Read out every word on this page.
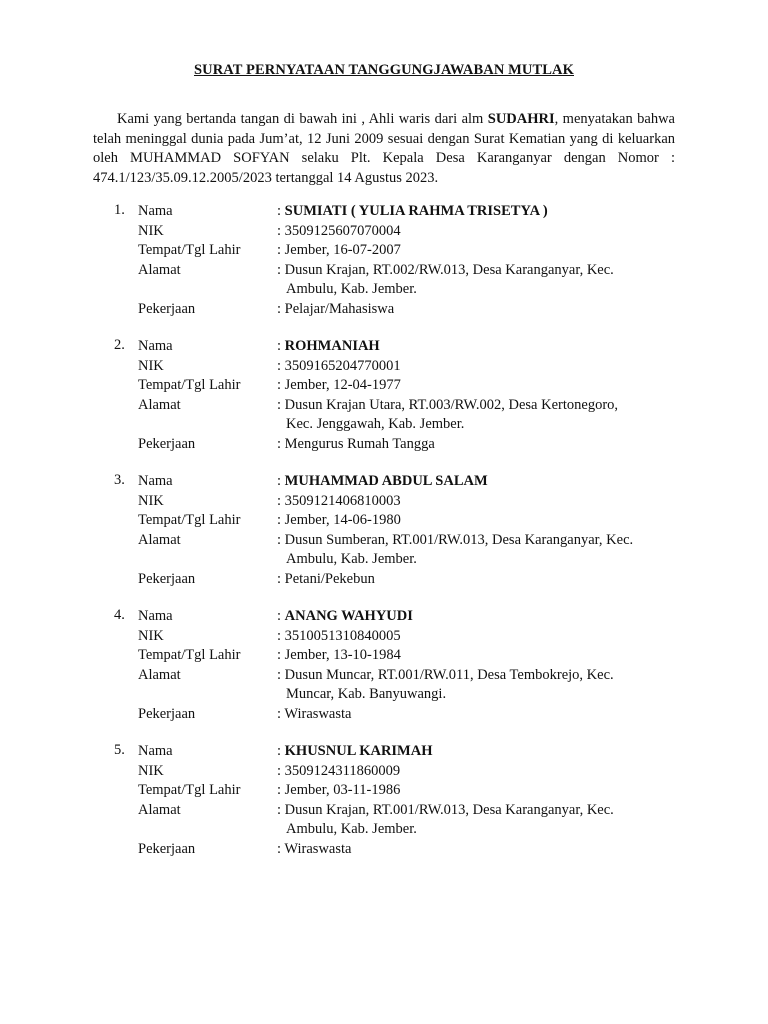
SURAT PERNYATAAN TANGGUNGJAWABAN MUTLAK

Kami yang bertanda tangan di bawah ini , Ahli waris dari alm SUDAHRI, menyatakan bahwa telah meninggal dunia pada Jum’at, 12 Juni 2009 sesuai dengan Surat Kematian yang di keluarkan oleh MUHAMMAD SOFYAN selaku Plt. Kepala Desa Karanganyar dengan Nomor : 474.1/123/35.09.12.2005/2023 tertanggal 14 Agustus 2023.

1. Nama	: SUMIATI ( YULIA RAHMA TRISETYA )
NIK	: 3509125607070004
Tempat/Tgl Lahir	: Jember, 16-07-2007
Alamat	: Dusun Krajan, RT.002/RW.013, Desa Karanganyar, Kec.
Ambulu, Kab. Jember.
Pekerjaan	: Pelajar/Mahasiswa
2. Nama	: ROHMANIAH
NIK	: 3509165204770001
Tempat/Tgl Lahir	: Jember, 12-04-1977
Alamat	: Dusun Krajan Utara, RT.003/RW.002, Desa Kertonegoro,
Kec. Jenggawah, Kab. Jember.
Pekerjaan	: Mengurus Rumah Tangga
3. Nama	: MUHAMMAD ABDUL SALAM
NIK	: 3509121406810003
Tempat/Tgl Lahir	: Jember, 14-06-1980
Alamat	: Dusun Sumberan, RT.001/RW.013, Desa Karanganyar, Kec.
Ambulu, Kab. Jember.
Pekerjaan	: Petani/Pekebun
4. Nama	: ANANG WAHYUDI
NIK	: 3510051310840005
Tempat/Tgl Lahir	: Jember, 13-10-1984
Alamat	: Dusun Muncar, RT.001/RW.011, Desa Tembokrejo, Kec.
Muncar, Kab. Banyuwangi.
Pekerjaan	: Wiraswasta
5. Nama	: KHUSNUL KARIMAH
NIK	: 3509124311860009
Tempat/Tgl Lahir	: Jember, 03-11-1986
Alamat	: Dusun Krajan, RT.001/RW.013, Desa Karanganyar, Kec.
Ambulu, Kab. Jember.
Pekerjaan	: Wiraswasta
